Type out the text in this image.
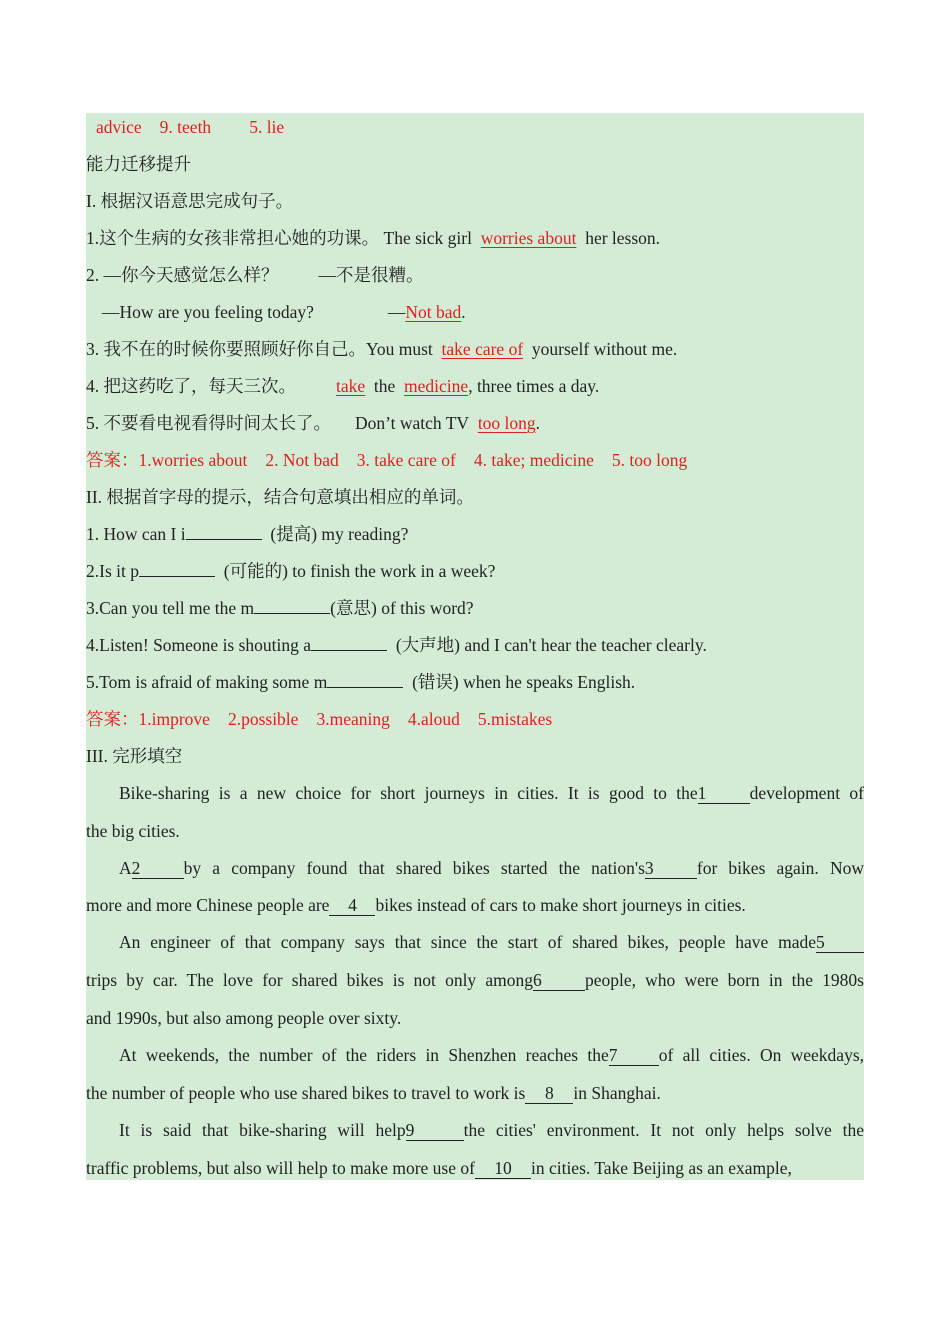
advice 9. teeth 5. lie
能力迁移提升
I. 根据汉语意思完成句子。
1.这个生病的女孩非常担心她的功课。 The sick girl worries about her lesson.
2. —你今天感觉怎么样？ —不是很糟。
—How are you feeling today?	—Not bad.
3. 我不在的时候你要照顾好你自己。You must take care of yourself without me.
4. 把这药吃了，每天三次。 take the medicine, three times a day.
5. 不要看电视看得时间太长了。 Don’t watch TV too long.
答案：1.worries about 2. Not bad 3. take care of 4. take; medicine 5. too long
II. 根据首字母的提示，结合句意填出相应的单词。
1. How can I i	(提高) my reading?
2.Is it p	(可能的) to finish the work in a week?
3.Can you tell me the m	(意思) of this word?
4.Listen! Someone is shouting a	(大声地) and I can't hear the teacher clearly.
5.Tom is afraid of making some m	(错误) when he speaks English.
答案：1.improve 2.possible 3.meaning 4.aloud 5.mistakes
III. 完形填空
Bike-sharing is a new choice for short journeys in cities. It is good to the1 development of
the big cities.
A2 by a company found that shared bikes started the nation's3 for bikes again. Now
more and more Chinese people are 4 bikes instead of cars to make short journeys in cities.
An engineer of that company says that since the start of shared bikes, people have made5
trips by car. The love for shared bikes is not only among6 people, who were born in the 1980s
and 1990s, but also among people over sixty.
At weekends, the number of the riders in Shenzhen reaches the7 of all cities. On weekdays,
the number of people who use shared bikes to travel to work is 8 in Shanghai.
It is said that bike-sharing will help9	the cities' environment. It not only helps solve the
traffic problems, but also will help to make more use of 10 in cities. Take Beijing as an example,
